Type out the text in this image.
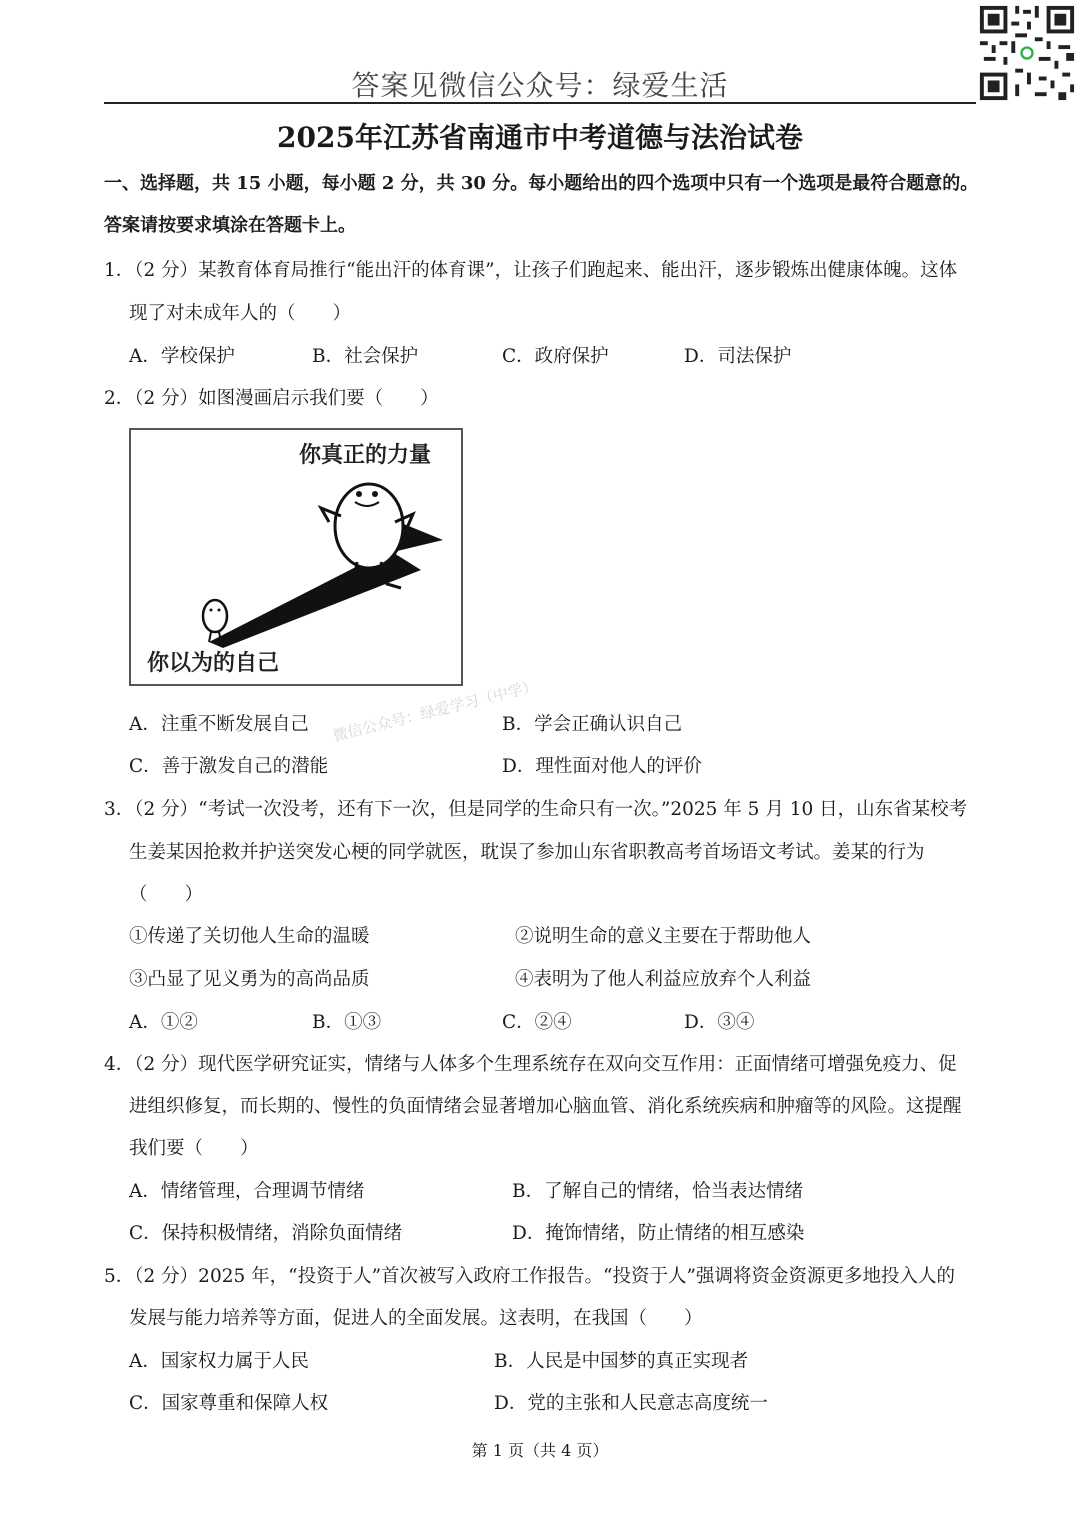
答案见微信公众号：绿爱生活
2025年江苏省南通市中考道德与法治试卷
一、选择题，共 15 小题，每小题 2 分，共 30 分。每小题给出的四个选项中只有一个选项是最符合题意的。
答案请按要求填涂在答题卡上。
1．（2 分）某教育体育局推行“能出汗的体育课”，让孩子们跑起来、能出汗，逐步锻炼出健康体魄。这体
现了对未成年人的（　　）
A．学校保护	B．社会保护	C．政府保护	D．司法保护
2．（2 分）如图漫画启示我们要（　　）
你真正的力量
你以为的自己
微信公众号：绿爱学习（中学）
A．注重不断发展自己	B．学会正确认识自己
C．善于激发自己的潜能	D．理性面对他人的评价
3．（2 分）“考试一次没考，还有下一次，但是同学的生命只有一次。”2025 年 5 月 10 日，山东省某校考
生姜某因抢救并护送突发心梗的同学就医，耽误了参加山东省职教高考首场语文考试。姜某的行为
（　　）
①传递了关切他人生命的温暖	②说明生命的意义主要在于帮助他人
③凸显了见义勇为的高尚品质	④表明为了他人利益应放弃个人利益
A．①②	B．①③	C．②④	D．③④
4．（2 分）现代医学研究证实，情绪与人体多个生理系统存在双向交互作用：正面情绪可增强免疫力、促
进组织修复，而长期的、慢性的负面情绪会显著增加心脑血管、消化系统疾病和肿瘤等的风险。这提醒
我们要（　　）
A．情绪管理，合理调节情绪	B．了解自己的情绪，恰当表达情绪
C．保持积极情绪，消除负面情绪	D．掩饰情绪，防止情绪的相互感染
5．（2 分）2025 年，“投资于人”首次被写入政府工作报告。“投资于人”强调将资金资源更多地投入人的
发展与能力培养等方面，促进人的全面发展。这表明，在我国（　　）
A．国家权力属于人民	B．人民是中国梦的真正实现者
C．国家尊重和保障人权	D．党的主张和人民意志高度统一
第 1 页（共 4 页）
